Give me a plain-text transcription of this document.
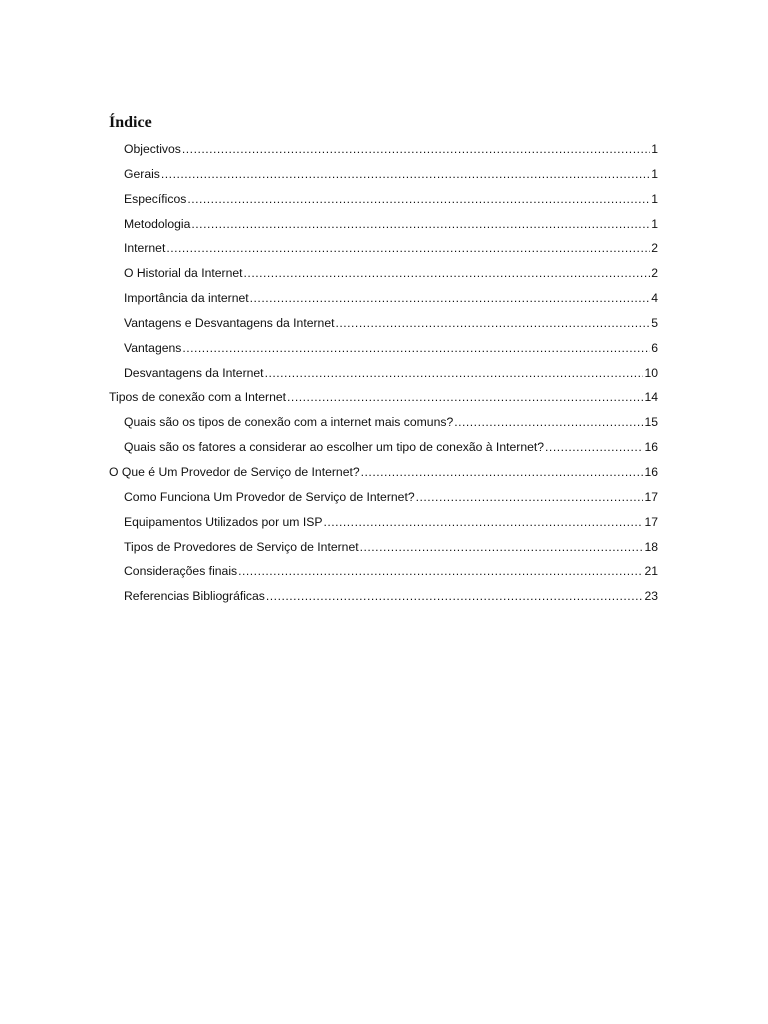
Índice
Objectivos .....	1
Gerais .....	1
Específicos .....	1
Metodologia .....	1
Internet .....	2
O Historial da Internet .....	2
Importância da internet .....	4
Vantagens e Desvantagens da Internet .....	5
Vantagens .....	6
Desvantagens da Internet .....	10
Tipos de conexão com a Internet .....	14
Quais são os tipos de conexão com a internet mais comuns? .....	15
Quais são os fatores a considerar ao escolher um tipo de conexão à Internet? .....	16
O Que é Um Provedor de Serviço de Internet? .....	16
Como Funciona Um Provedor de Serviço de Internet? .....	17
Equipamentos Utilizados por um ISP .....	17
Tipos de Provedores de Serviço de Internet .....	18
Considerações finais .....	21
Referencias Bibliográficas .....	23
